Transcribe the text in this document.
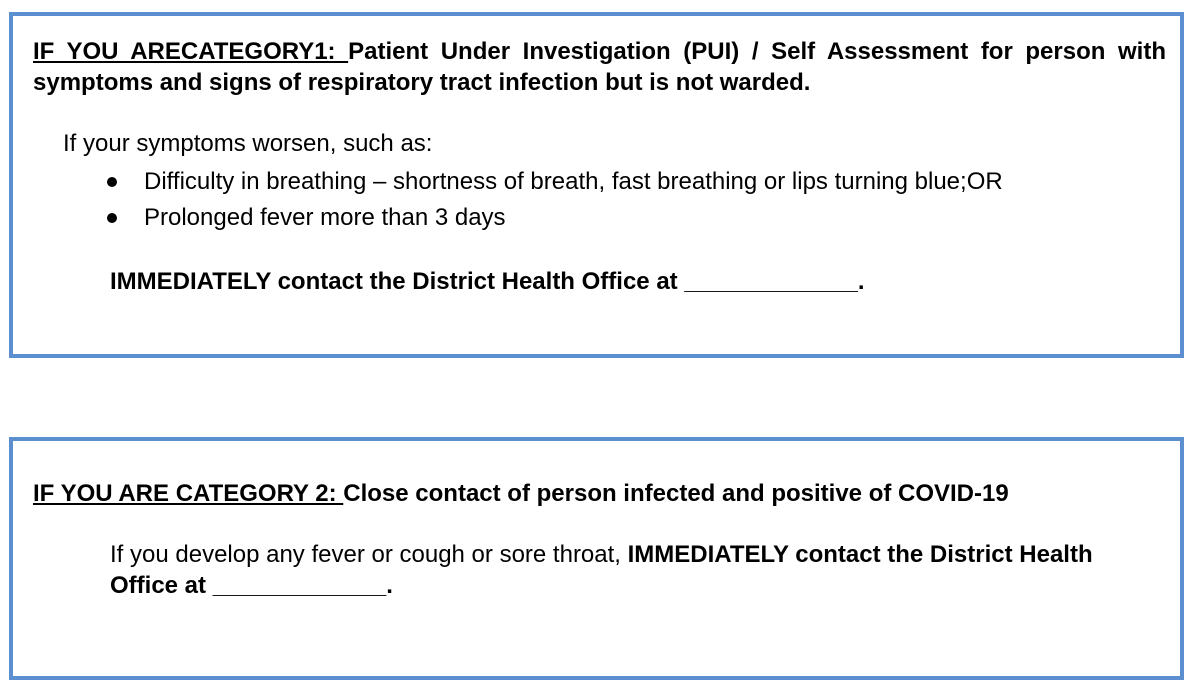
IF YOU ARECATEGORY1: Patient Under Investigation (PUI) / Self Assessment for person with symptoms and signs of respiratory tract infection but is not warded.
If your symptoms worsen, such as:
Difficulty in breathing – shortness of breath, fast breathing or lips turning blue;OR
Prolonged fever more than 3 days
IMMEDIATELY contact the District Health Office at _____________.
IF YOU ARE CATEGORY 2: Close contact of person infected and positive of COVID-19
If you develop any fever or cough or sore throat, IMMEDIATELY contact the District Health Office at _____________.
